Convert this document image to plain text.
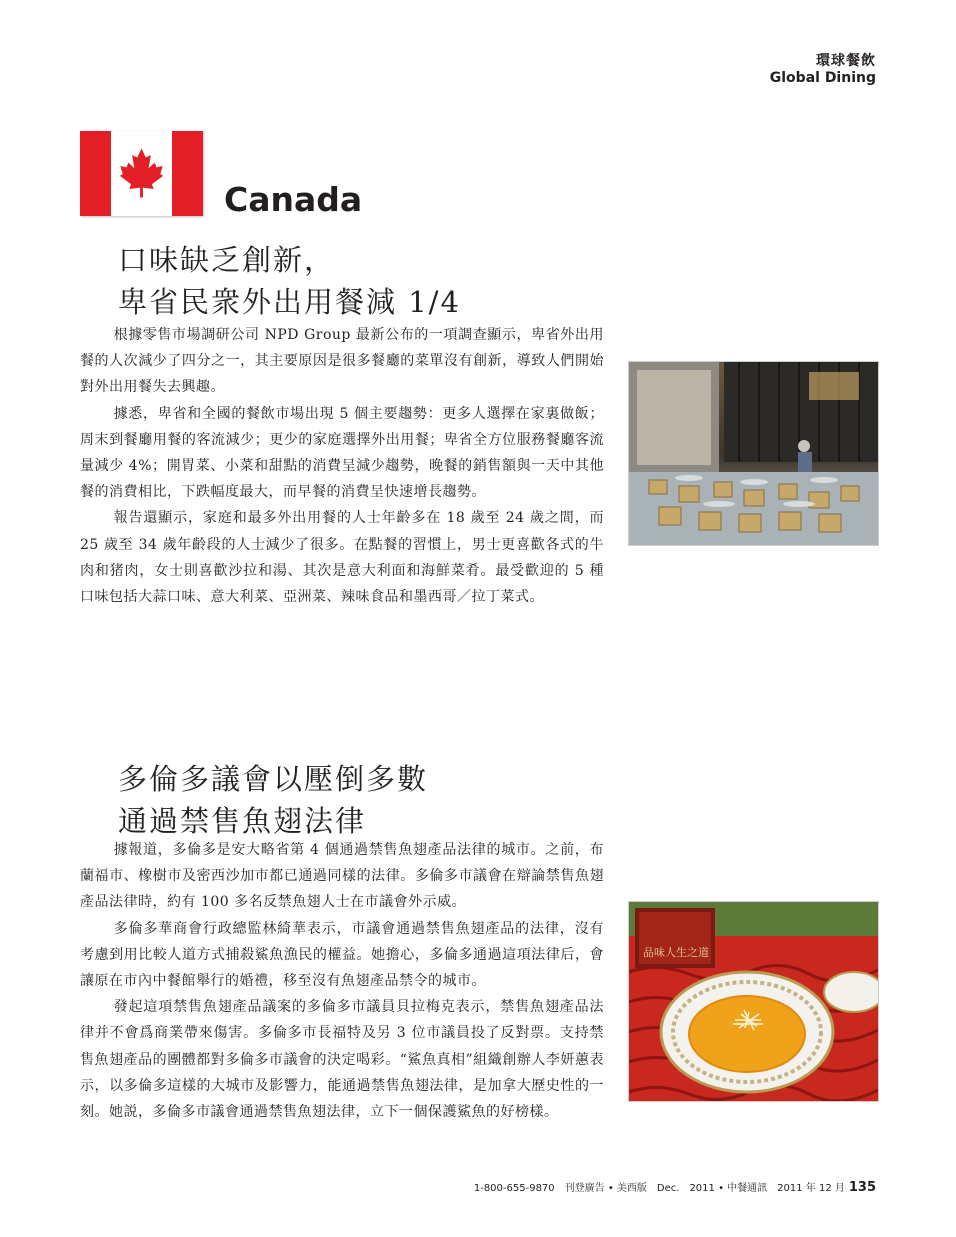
環球餐飲
Global Dining
Canada
口味缺乏創新，
卑省民衆外出用餐減 1/4

根據零售市場調研公司 NPD Group 最新公布的一項調查顯示，卑省外出用餐的人次減少了四分之一，其主要原因是很多餐廳的菜單沒有創新，導致人們開始對外出用餐失去興趣。

據悉，卑省和全國的餐飲市場出現 5 個主要趨勢：更多人選擇在家裏做飯；周末到餐廳用餐的客流減少；更少的家庭選擇外出用餐；卑省全方位服務餐廳客流量減少 4%；開胃菜、小菜和甜點的消費呈減少趨勢，晚餐的銷售額與一天中其他餐的消費相比，下跌幅度最大，而早餐的消費呈快速增長趨勢。

報告還顯示，家庭和最多外出用餐的人士年齡多在 18 歲至 24 歲之間，而 25 歲至 34 歲年齡段的人士減少了很多。在點餐的習慣上，男士更喜歡各式的牛肉和猪肉，女士則喜歡沙拉和湯、其次是意大利面和海鮮菜肴。最受歡迎的 5 種口味包括大蒜口味、意大利菜、亞洲菜、辣味食品和墨西哥／拉丁菜式。

多倫多議會以壓倒多數
通過禁售魚翅法律

據報道，多倫多是安大略省第 4 個通過禁售魚翅產品法律的城市。之前，布蘭福市、橡樹市及密西沙加市都已通過同樣的法律。多倫多市議會在辯論禁售魚翅產品法律時，約有 100 多名反禁魚翅人士在市議會外示威。

多倫多華商會行政總監林綺華表示，市議會通過禁售魚翅產品的法律，沒有考慮到用比較人道方式捕殺鯊魚漁民的權益。她擔心，多倫多通過這項法律后，會讓原在市內中餐館舉行的婚禮，移至沒有魚翅產品禁令的城市。

發起這項禁售魚翅產品議案的多倫多市議員貝拉梅克表示，禁售魚翅產品法律并不會爲商業帶來傷害。多倫多市長福特及另 3 位市議員投了反對票。支持禁售魚翅產品的團體都對多倫多市議會的決定喝彩。“鯊魚真相”組織創辦人李妍蕙表示，以多倫多這樣的大城市及影響力，能通過禁售魚翅法律，是加拿大歷史性的一刻。她説，多倫多市議會通過禁售魚翅法律，立下一個保護鯊魚的好榜樣。

品味人生之道
1-800-655-9870　刊登廣告 • 美西版　Dec.　2011 • 中餐通訊　2011 年 12 月 135
